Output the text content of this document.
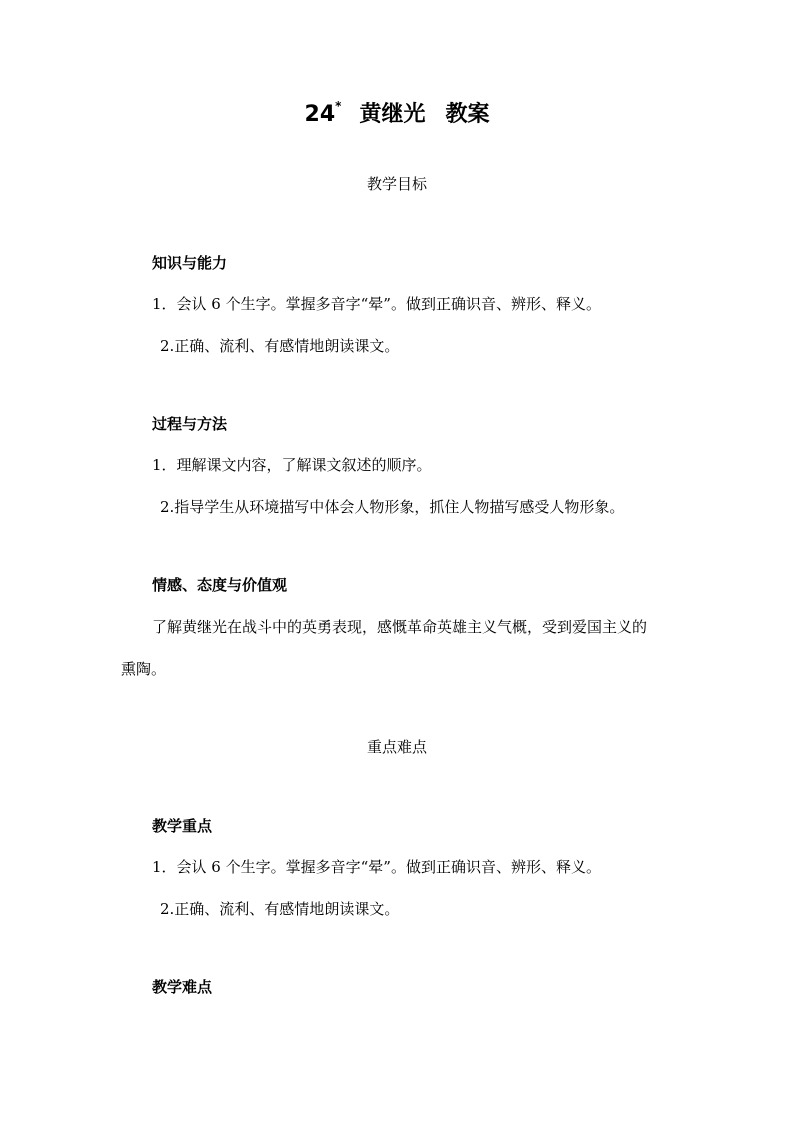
24* 黄继光 教案
教学目标
知识与能力
1．会认 6 个生字。掌握多音字“晕”。做到正确识音、辨形、释义。
2.正确、流利、有感情地朗读课文。
过程与方法
1．理解课文内容，了解课文叙述的顺序。
2.指导学生从环境描写中体会人物形象，抓住人物描写感受人物形象。
情感、态度与价值观
了解黄继光在战斗中的英勇表现，感慨革命英雄主义气概，受到爱国主义的
熏陶。
重点难点
教学重点
1．会认 6 个生字。掌握多音字“晕”。做到正确识音、辨形、释义。
2.正确、流利、有感情地朗读课文。
教学难点
